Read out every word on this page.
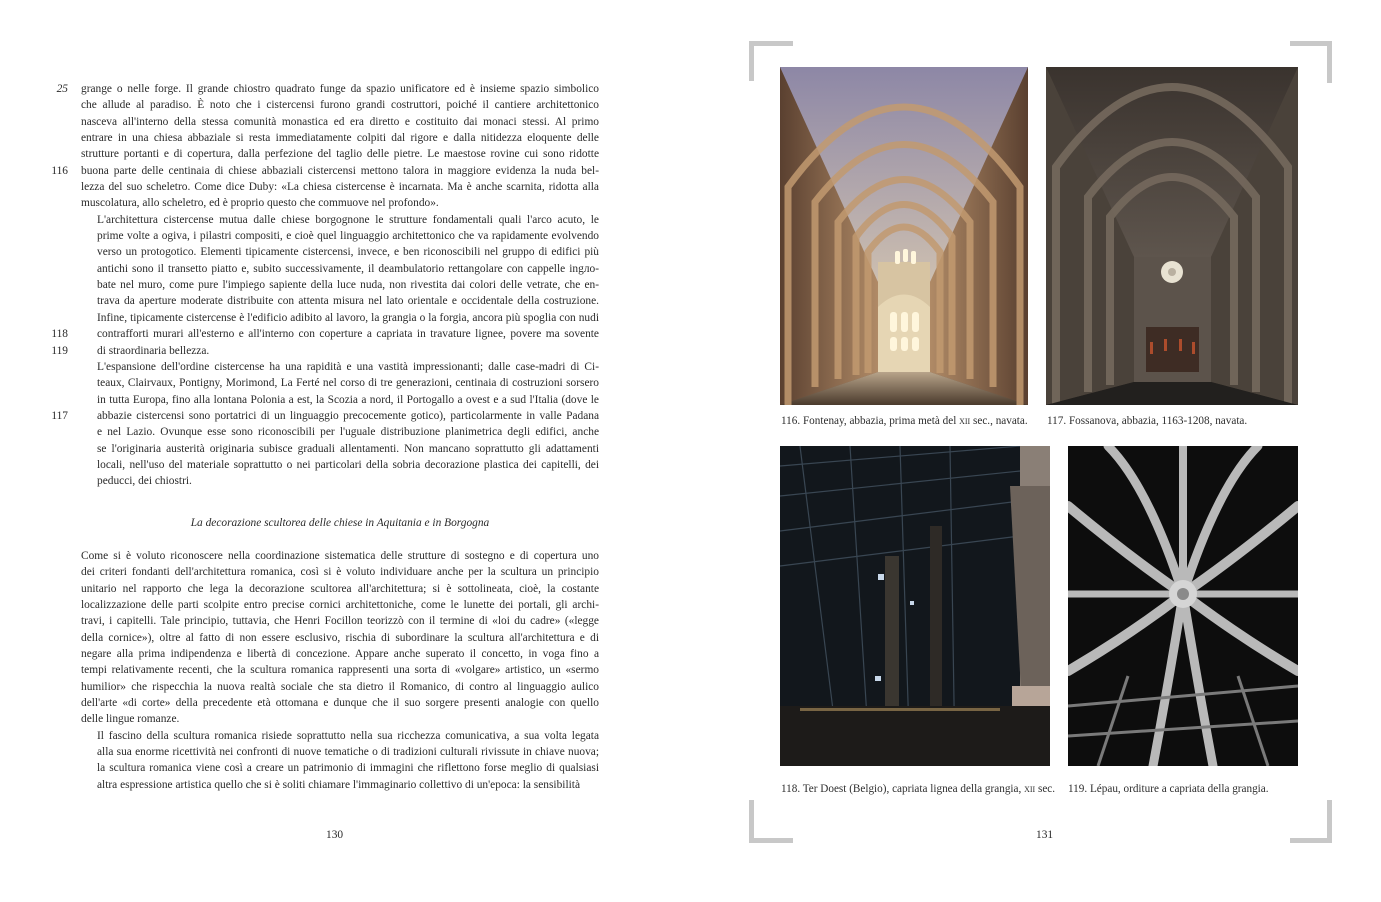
25
116
118
119
117

grange o nelle forge. Il grande chiostro quadrato funge da spazio unificatore ed è insieme spazio simbolico
che allude al paradiso. È noto che i cistercensi furono grandi costruttori, poiché il cantiere architettonico
nasceva all'interno della stessa comunità monastica ed era diretto e costituito dai monaci stessi. Al primo
entrare in una chiesa abbaziale si resta immediatamente colpiti dal rigore e dalla nitidezza eloquente delle
strutture portanti e di copertura, dalla perfezione del taglio delle pietre. Le maestose rovine cui sono ridotte
buona parte delle centinaia di chiese abbaziali cistercensi mettono talora in maggiore evidenza la nuda bel-
lezza del suo scheletro. Come dice Duby: «La chiesa cistercense è incarnata. Ma è anche scarnita, ridotta alla
muscolatura, allo scheletro, ed è proprio questo che commuove nel profondo».

L'architettura cistercense mutua dalle chiese borgognone le strutture fondamentali quali l'arco acuto, le
prime volte a ogiva, i pilastri compositi, e cioè quel linguaggio architettonico che va rapidamente evolvendo
verso un protogotico. Elementi tipicamente cistercensi, invece, e ben riconoscibili nel gruppo di edifici più
antichi sono il transetto piatto e, subito successivamente, il deambulatorio rettangolare con cappelle ingло-
bate nel muro, come pure l'impiego sapiente della luce nuda, non rivestita dai colori delle vetrate, che en-
trava da aperture moderate distribuite con attenta misura nel lato orientale e occidentale della costruzione.
Infine, tipicamente cistercense è l'edificio adibito al lavoro, la grangia o la forgia, ancora più spoglia con nudi
contrafforti murari all'esterno e all'interno con coperture a capriata in travature lignee, povere ma sovente
di straordinaria bellezza.

L'espansione dell'ordine cistercense ha una rapidità e una vastità impressionanti; dalle case-madri di Ci-
teaux, Clairvaux, Pontigny, Morimond, La Ferté nel corso di tre generazioni, centinaia di costruzioni sorsero
in tutta Europa, fino alla lontana Polonia a est, la Scozia a nord, il Portogallo a ovest e a sud l'Italia (dove le
abbazie cistercensi sono portatrici di un linguaggio precocemente gotico), particolarmente in valle Padana
e nel Lazio. Ovunque esse sono riconoscibili per l'uguale distribuzione planimetrica degli edifici, anche
se l'originaria austerità originaria subisce graduali allentamenti. Non mancano soprattutto gli adattamenti
locali, nell'uso del materiale soprattutto o nei particolari della sobria decorazione plastica dei capitelli, dei
peducci, dei chiostri.

La decorazione scultorea delle chiese in Aquitania e in Borgogna

Come si è voluto riconoscere nella coordinazione sistematica delle strutture di sostegno e di copertura uno
dei criteri fondanti dell'architettura romanica, così si è voluto individuare anche per la scultura un principio
unitario nel rapporto che lega la decorazione scultorea all'architettura; si è sottolineata, cioè, la costante
localizzazione delle parti scolpite entro precise cornici architettoniche, come le lunette dei portali, gli archi-
travi, i capitelli. Tale principio, tuttavia, che Henri Focillon teorizzò con il termine di «loi du cadre» («legge
della cornice»), oltre al fatto di non essere esclusivo, rischia di subordinare la scultura all'architettura e di
negare alla prima indipendenza e libertà di concezione. Appare anche superato il concetto, in voga fino a
tempi relativamente recenti, che la scultura romanica rappresenti una sorta di «volgare» artistico, un «sermo
humilior» che rispecchia la nuova realtà sociale che sta dietro il Romanico, di contro al linguaggio aulico
dell'arte «di corte» della precedente età ottomana e dunque che il suo sorgere presenti analogie con quello
delle lingue romanze.

Il fascino della scultura romanica risiede soprattutto nella sua ricchezza comunicativa, a sua volta legata
alla sua enorme ricettività nei confronti di nuove tematiche o di tradizioni culturali rivissute in chiave nuova;
la scultura romanica viene così a creare un patrimonio di immagini che riflettono forse meglio di qualsiasi
altra espressione artistica quello che si è soliti chiamare l'immaginario collettivo di un'epoca: la sensibilità

130
116. Fontenay, abbazia, prima metà del xii sec., navata. 117. Fossanova, abbazia, 1163-1208, navata.
118. Ter Doest (Belgio), capriata lignea della grangia, xii sec. 119. Lépau, orditure a capriata della grangia.
131
